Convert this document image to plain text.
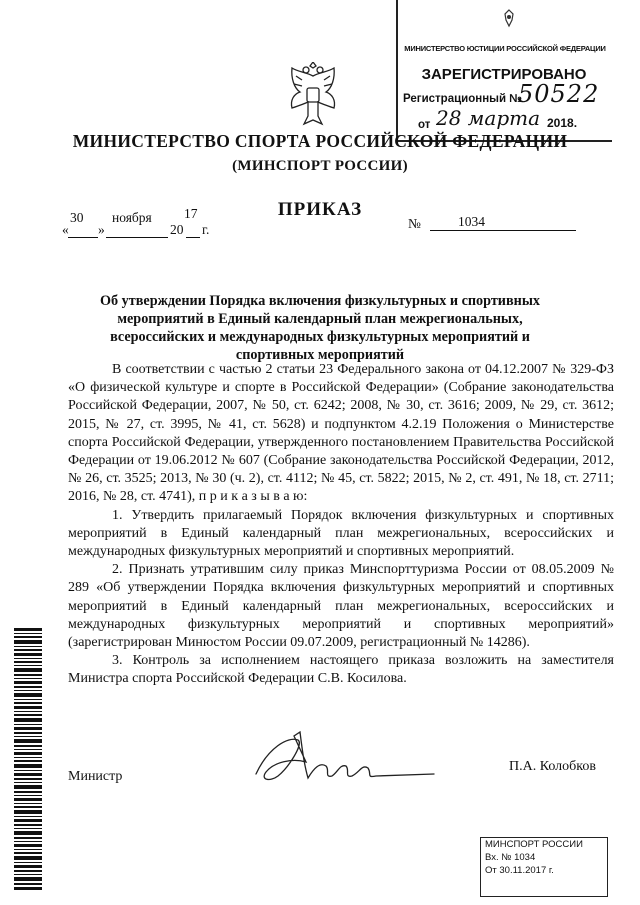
МИНИСТЕРСТВО ЮСТИЦИИ РОССИЙСКОЙ ФЕДЕРАЦИИ
ЗАРЕГИСТРИРОВАНО
Регистрационный №
50522
от 28 марта 2018.
МИНИСТЕРСТВО СПОРТА РОССИЙСКОЙ ФЕДЕРАЦИИ
(МИНСПОРТ РОССИИ)
ПРИКАЗ
30 ноября 17
« »	20 г.	№	1034
Об утверждении Порядка включения физкультурных и спортивных мероприятий в Единый календарный план межрегиональных, всероссийских и международных физкультурных мероприятий и спортивных мероприятий

В соответствии с частью 2 статьи 23 Федерального закона от 04.12.2007 № 329-ФЗ «О физической культуре и спорте в Российской Федерации» (Собрание законодательства Российской Федерации, 2007, № 50, ст. 6242; 2008, № 30, ст. 3616; 2009, № 29, ст. 3612; 2015, № 27, ст. 3995, № 41, ст. 5628) и подпунктом 4.2.19 Положения о Министерстве спорта Российской Федерации, утвержденного постановлением Правительства Российской Федерации от 19.06.2012 № 607 (Собрание законодательства Российской Федерации, 2012, № 26, ст. 3525; 2013, № 30 (ч. 2), ст. 4112; № 45, ст. 5822; 2015, № 2, ст. 491, № 18, ст. 2711; 2016, № 28, ст. 4741), п р и к а з ы в а ю:

1. Утвердить прилагаемый Порядок включения физкультурных и спортивных мероприятий в Единый календарный план межрегиональных, всероссийских и международных физкультурных мероприятий и спортивных мероприятий.

2. Признать утратившим силу приказ Минспорттуризма России от 08.05.2009 № 289 «Об утверждении Порядка включения физкультурных мероприятий и спортивных мероприятий в Единый календарный план межрегиональных, всероссийских и международных физкультурных мероприятий и спортивных мероприятий» (зарегистрирован Минюстом России 09.07.2009, регистрационный № 14286).

3. Контроль за исполнением настоящего приказа возложить на заместителя Министра спорта Российской Федерации С.В. Косилова.

Министр
П.А. Колобков
МИНСПОРТ РОССИИ
Вх. № 1034
От 30.11.2017 г.
